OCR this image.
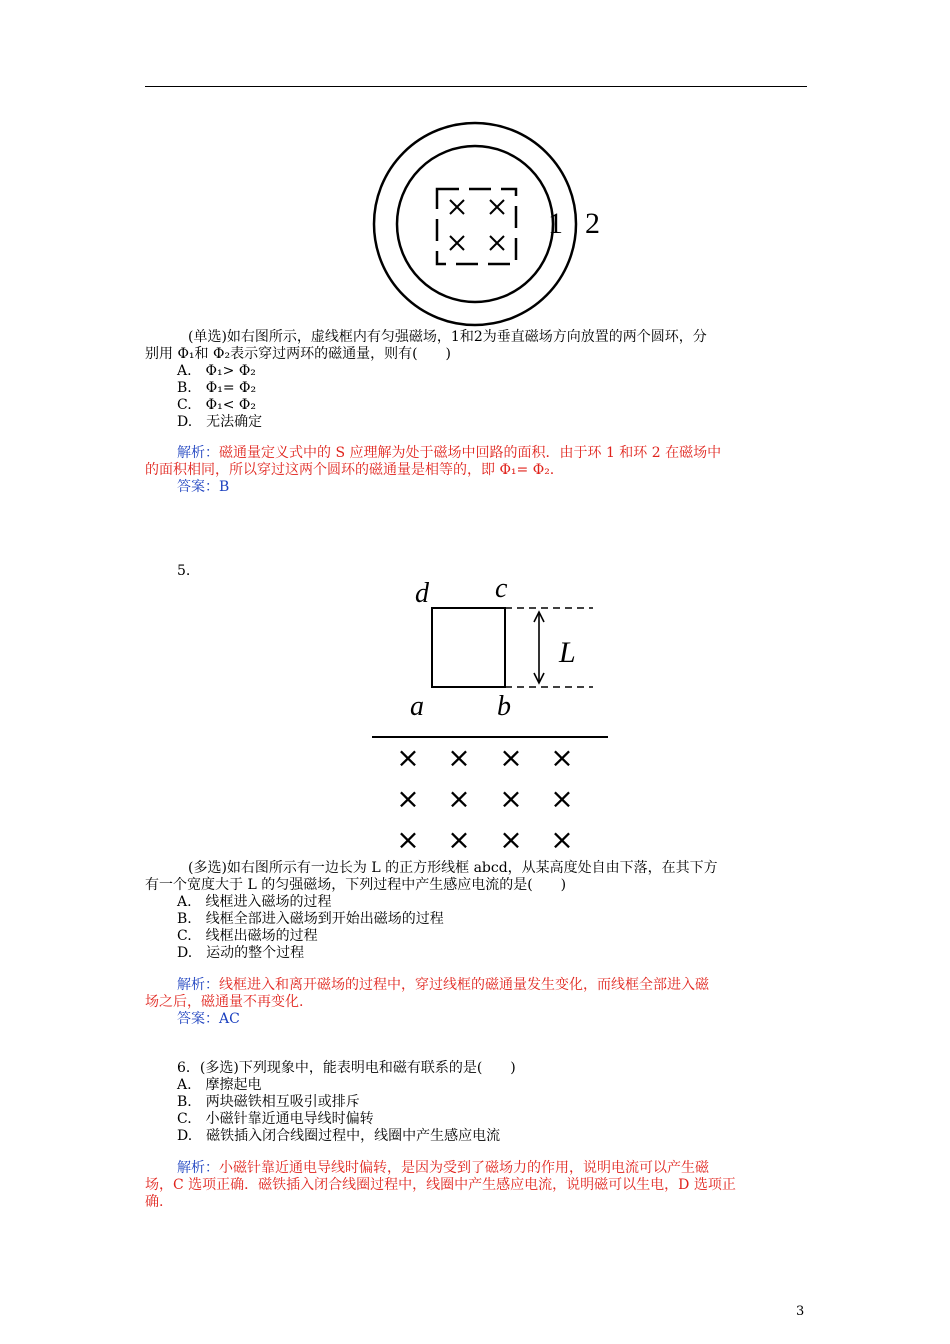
1 2
(单选)如右图所示，虚线框内有匀强磁场，1和2为垂直磁场方向放置的两个圆环，分
别用 Φ₁和 Φ₂表示穿过两环的磁通量，则有(　　)
A.　Φ₁> Φ₂
B.　Φ₁= Φ₂
C.　Φ₁< Φ₂
D.　无法确定
解析：磁通量定义式中的 S 应理解为处于磁场中回路的面积．由于环 1 和环 2 在磁场中
的面积相同，所以穿过这两个圆环的磁通量是相等的，即 Φ₁= Φ₂.
答案：B
5.
d c
a	b
L
× × × ×
× × × ×
× × × ×
(多选)如右图所示有一边长为 L 的正方形线框 abcd，从某高度处自由下落，在其下方
有一个宽度大于 L 的匀强磁场，下列过程中产生感应电流的是(　　)
A.　线框进入磁场的过程
B.　线框全部进入磁场到开始出磁场的过程
C.　线框出磁场的过程
D.　运动的整个过程
解析：线框进入和离开磁场的过程中，穿过线框的磁通量发生变化，而线框全部进入磁
场之后，磁通量不再变化.
答案：AC
6．(多选)下列现象中，能表明电和磁有联系的是(　　)
A.　摩擦起电
B.　两块磁铁相互吸引或排斥
C.　小磁针靠近通电导线时偏转
D.　磁铁插入闭合线圈过程中，线圈中产生感应电流
解析：小磁针靠近通电导线时偏转，是因为受到了磁场力的作用，说明电流可以产生磁
场，C 选项正确．磁铁插入闭合线圈过程中，线圈中产生感应电流，说明磁可以生电，D 选项正
确.
3
